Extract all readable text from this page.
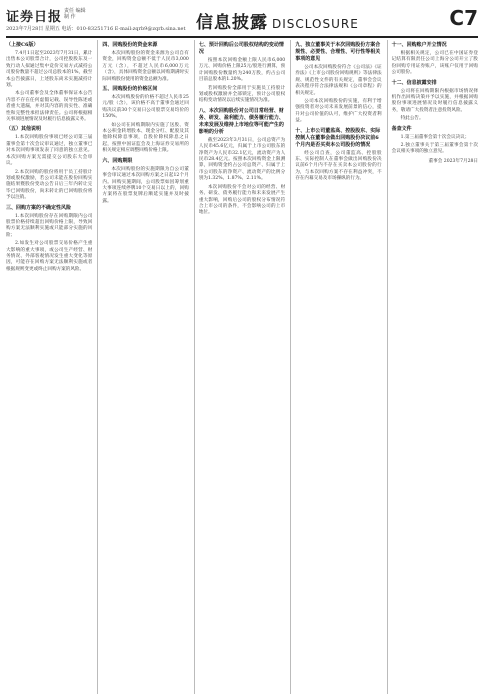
证券日报 责任 编辑
制 作
2023年7月28日 星期五 电话：010-83251716 E-mail:zqrb9@zqrb.sina.net 信息披露 DISCLOSURE	C7
（上接C6版）

7.4月1日起至2023年7月31日，累计出售本公司股票合计，公司控股股东及一致行动人拟通过集中竞价交易方式减持公司股份数量不超过公司总股本的1%，截至本公告披露日，上述股东尚未实施减持计划。

本公司董事会及全体董事保证本公告内容不存在任何虚假记载、误导性陈述或者重大遗漏，并对其内容的真实性、准确性和完整性承担法律责任。公司将根据相关事项进展情况及时履行信息披露义务。

（五）其他说明

1.本次回购股份事项已经公司第三届董事会第十次会议审议通过，独立董事已对本次回购事项发表了同意的独立意见。本次回购方案无需提交公司股东大会审议。

2.本次回购的股份将用于员工持股计划或股权激励，若公司未能在股份回购实施结果暨股份变动公告日后三年内转让完毕已回购股份，尚未转让的已回购股份将予以注销。

三、回购方案的不确定性风险

1.本次回购股份存在回购期限内公司股票价格持续超出回购价格上限，导致回购方案无法顺利实施或只能部分实施的风险；

2.如发生对公司股票交易价格产生重大影响的重大事项，或公司生产经营、财务情况、外部客观情况发生重大变化等原因，可能存在回购方案无法顺利实施或者根据规则变更或终止回购方案的风险。

四、回购股份的资金来源

本次回购股份的资金来源为公司自有资金，回购资金总额不低于人民币3,000万元（含），不超过人民币6,000万元（含），具体回购资金总额以回购期满时实际回购股份使用的资金总额为准。

五、回购股份的价格区间

本次回购股份的价格不超过人民币25元/股（含），该价格不高于董事会通过回购决议前30个交易日公司股票交易均价的150%。

如公司在回购期限内实施了送股、资本公积金转增股本、现金分红、配股及其他除权除息事项，自股价除权除息之日起，按照中国证监会及上海证券交易所的相关规定相应调整回购价格上限。

六、回购期限

本次回购股份的实施期限为自公司董事会审议通过本次回购方案之日起12个月内。回购实施期间，公司股票如因筹划重大事项连续停牌10个交易日以上的，回购方案将在股票复牌后顺延实施并及时披露。

七、预计回购后公司股权结构的变动情况

按照本次回购金额上限人民币6,000万元、回购价格上限25元/股进行测算，预计回购股份数量约为240万股，约占公司目前总股本的1.20%。

若回购股份全部用于实施员工持股计划或股权激励并全部锁定，预计公司股权结构变动情况以后续实施情况为准。

八、本次回购股份对公司日常经营、财务、研发、盈利能力、债务履行能力、未来发展及维持上市地位等可能产生的影响的分析

截至2023年3月31日，公司总资产为人民币45.6亿元，归属于上市公司股东的净资产为人民币32.1亿元，流动资产为人民币28.4亿元。按照本次回购资金上限测算，回购资金约占公司总资产、归属于上市公司股东的净资产、流动资产的比例分别为1.32%、1.87%、2.11%。

本次回购股份不会对公司的经营、财务、研发、债务履行能力和未来发展产生重大影响，回购后公司的股权分布情况符合上市公司的条件，不会影响公司的上市地位。

九、独立董事关于本次回购股份方案合规性、必要性、合理性、可行性等相关事项的意见

公司本次回购股份符合《公司法》《证券法》《上市公司股份回购规则》等法律法规、规范性文件的有关规定，董事会会议表决程序符合法律法规和《公司章程》的相关规定。

公司本次回购股份的实施，有利于增强投资者对公司未来发展前景的信心，提升对公司价值的认可，维护广大投资者利益。

十、上市公司董监高、控股股东、实际控制人在董事会做出回购股份决议前6个月内是否买卖本公司股份的情况

经公司自查，公司董监高、控股股东、实际控制人在董事会做出回购股份决议前6个月内不存在买卖本公司股份的行为，与本次回购方案不存在利益冲突，不存在内幕交易及市场操纵的行为。

十一、回购账户开立情况

根据相关规定，公司已在中国证券登记结算有限责任公司上海分公司开立了股份回购专用证券账户，该账户仅用于回购公司股份。

十二、信息披露安排

公司将在回购期限内根据市场情况择机作出回购决策并予以实施，并根据回购股份事项进展情况及时履行信息披露义务，敬请广大投资者注意投资风险。

特此公告。

备查文件

1.第三届董事会第十次会议决议；

2.独立董事关于第三届董事会第十次会议相关事项的独立意见。

董事会 2023年7月28日
